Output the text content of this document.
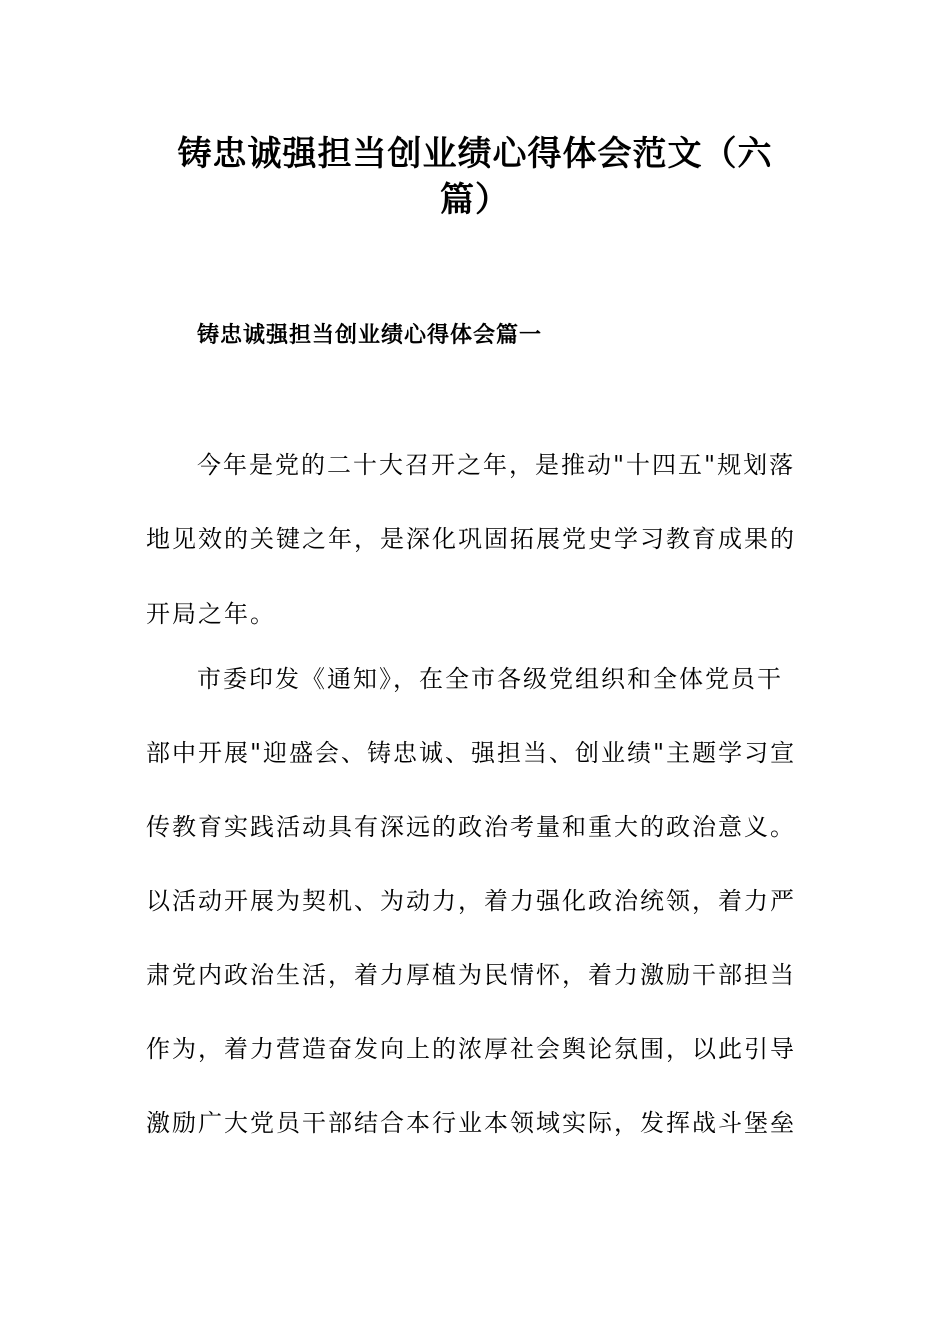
铸忠诚强担当创业绩心得体会范文（六
篇）
铸忠诚强担当创业绩心得体会篇一

今年是党的二十大召开之年，是推动"十四五"规划落

地见效的关键之年，是深化巩固拓展党史学习教育成果的

开局之年。

市委印发《通知》，在全市各级党组织和全体党员干

部中开展"迎盛会、铸忠诚、强担当、创业绩"主题学习宣

传教育实践活动具有深远的政治考量和重大的政治意义。

以活动开展为契机、为动力，着力强化政治统领，着力严

肃党内政治生活，着力厚植为民情怀，着力激励干部担当

作为，着力营造奋发向上的浓厚社会舆论氛围，以此引导

激励广大党员干部结合本行业本领域实际，发挥战斗堡垒
